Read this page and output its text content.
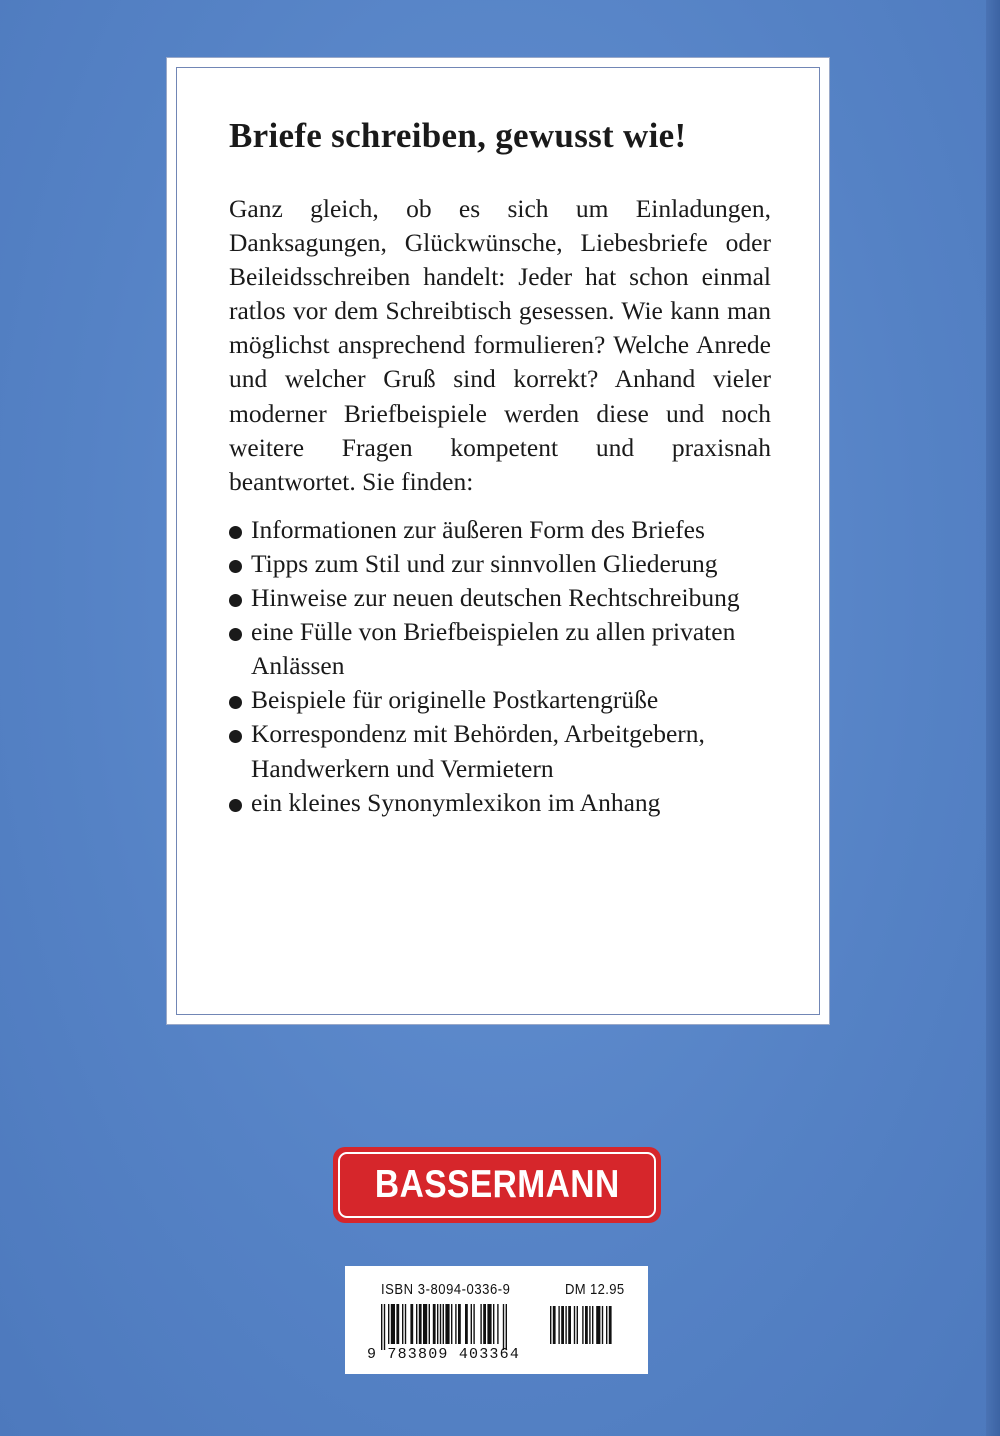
Briefe schreiben, gewusst wie!

Ganz gleich, ob es sich um Einladungen, Danksagungen, Glückwünsche, Liebesbriefe oder Beileidsschreiben handelt: Jeder hat schon einmal ratlos vor dem Schreibtisch gesessen. Wie kann man möglichst ansprechend formulieren? Welche Anrede und welcher Gruß sind korrekt? Anhand vieler moderner Briefbeispiele werden diese und noch weitere Fragen kompetent und praxisnah beantwortet. Sie finden:

Informationen zur äußeren Form des Briefes
Tipps zum Stil und zur sinnvollen Gliederung
Hinweise zur neuen deutschen Rechtschreibung
eine Fülle von Briefbeispielen zu allen privaten Anlässen
Beispiele für originelle Postkartengrüße
Korrespondenz mit Behörden, Arbeitgebern, Handwerkern und Vermietern
ein kleines Synonymlexikon im Anhang
BASSERMANN
ISBN 3-8094-0336-9	DM 12.95
9 783809 403364
